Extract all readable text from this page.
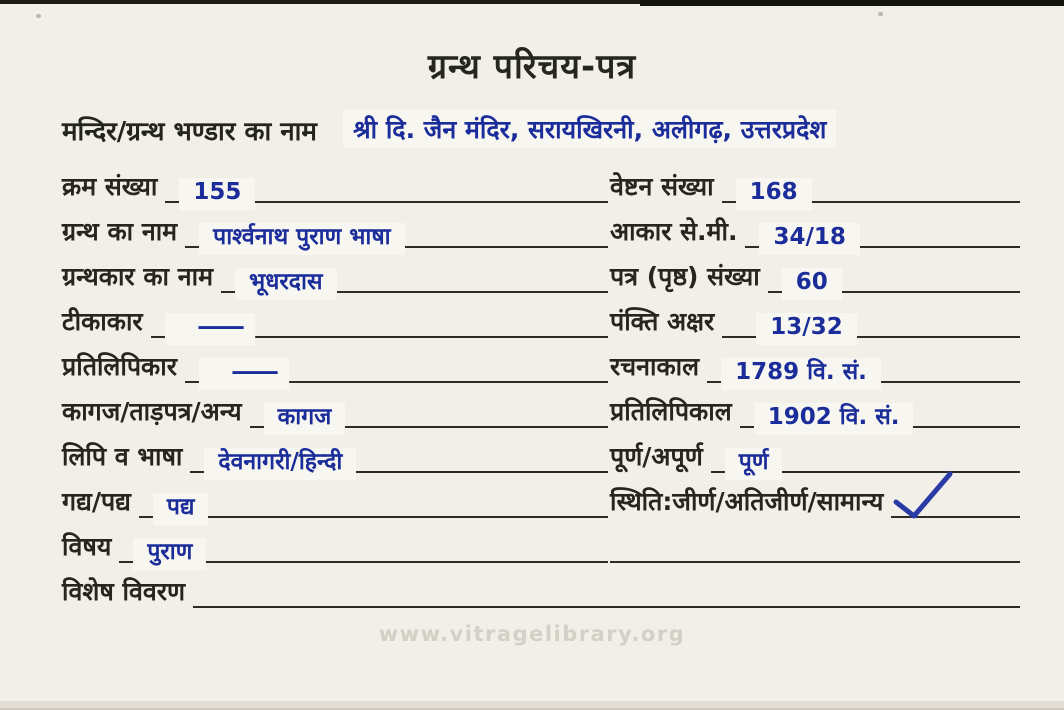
ग्रन्थ परिचय-पत्र
मन्दिर/ग्रन्थ भण्डार का नाम	श्री दि. जैन मंदिर, सरायखिरनी, अलीगढ़, उत्तरप्रदेश
क्रम संख्या	155	वेष्टन संख्या	168
ग्रन्थ का नाम	पार्श्वनाथ पुराण भाषा	आकार से.मी.	34/18
ग्रन्थकार का नाम	भूधरदास	पत्र (पृष्ठ) संख्या	60
टीकाकार	—	पंक्ति अक्षर	13/32
प्रतिलिपिकार	—	रचनाकाल	1789 वि. सं.
कागज/ताड़पत्र/अन्य	कागज	प्रतिलिपिकाल	1902 वि. सं.
लिपि व भाषा	देवनागरी/हिन्दी	पूर्ण/अपूर्ण	पूर्ण
गद्य/पद्य	पद्य	स्थिति:जीर्ण/अतिजीर्ण/सामान्य
विषय	पुराण
विशेष विवरण
www.vitragelibrary.org
